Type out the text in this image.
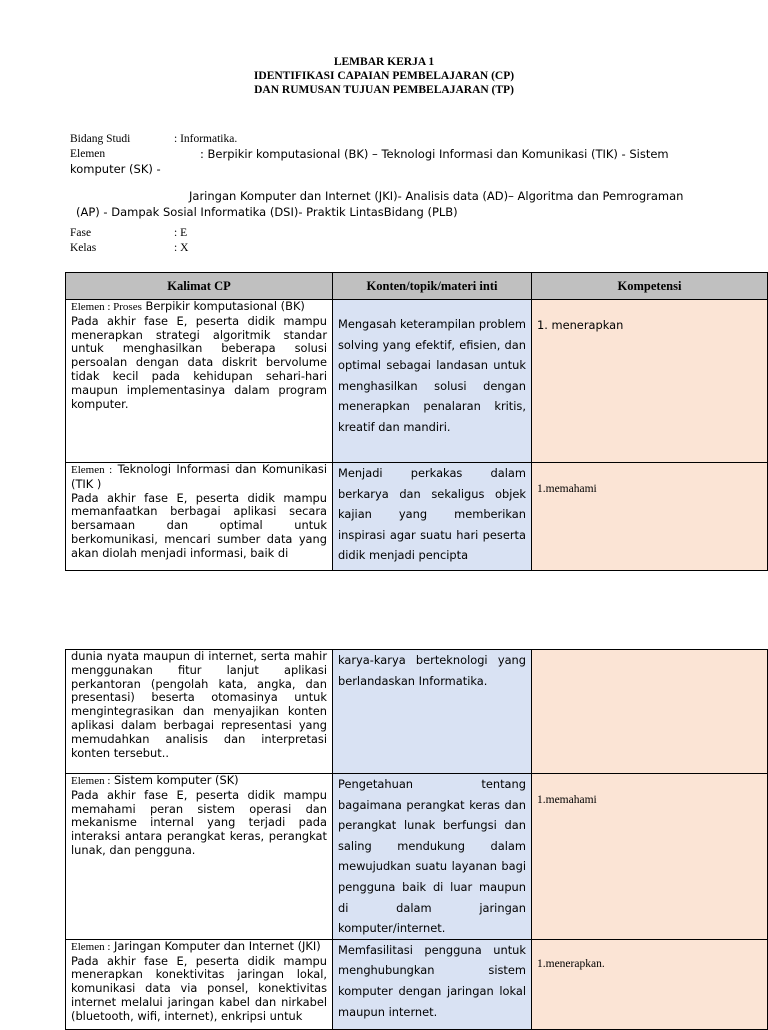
LEMBAR KERJA 1
IDENTIFIKASI CAPAIAN PEMBELAJARAN (CP)
DAN RUMUSAN TUJUAN PEMBELAJARAN (TP)
Bidang Studi	: Informatika.
Elemen	: Berpikir komputasional (BK) – Teknologi Informasi dan Komunikasi (TIK) - Sistem
komputer (SK) -
Jaringan Komputer dan Internet (JKI)- Analisis data (AD)– Algoritma dan Pemrograman
(AP) - Dampak Sosial Informatika (DSI)- Praktik LintasBidang (PLB)
Fase	: E
Kelas	: X
Kalimat CP	Konten/topik/materi inti	Kompetensi
Elemen : Proses Berpikir komputasional (BK)
Pada akhir fase E, peserta didik mampu menerapkan strategi algoritmik standar untuk menghasilkan beberapa solusi persoalan dengan data diskrit bervolume tidak kecil pada kehidupan sehari-hari maupun implementasinya dalam program komputer.	Mengasah keterampilan problem solving yang efektif, efisien, dan optimal sebagai landasan untuk menghasilkan solusi dengan menerapkan penalaran kritis, kreatif dan mandiri.	1. menerapkan

Elemen : Teknologi Informasi dan Komunikasi (TIK )
Pada akhir fase E, peserta didik mampu memanfaatkan berbagai aplikasi secara bersamaan dan optimal untuk berkomunikasi, mencari sumber data yang akan diolah menjadi informasi, baik di	Menjadi perkakas dalam berkarya dan sekaligus objek kajian yang memberikan inspirasi agar suatu hari peserta didik menjadi pencipta	1.memahami
dunia nyata maupun di internet, serta mahir menggunakan fitur lanjut aplikasi perkantoran (pengolah kata, angka, dan presentasi) beserta otomasinya untuk mengintegrasikan dan menyajikan konten aplikasi dalam berbagai representasi yang memudahkan analisis dan interpretasi konten tersebut..	karya-karya berteknologi yang berlandaskan Informatika.	

Elemen : Sistem komputer (SK)
Pada akhir fase E, peserta didik mampu memahami peran sistem operasi dan mekanisme internal yang terjadi pada interaksi antara perangkat keras, perangkat lunak, dan pengguna.	Pengetahuan tentang bagaimana perangkat keras dan perangkat lunak berfungsi dan saling mendukung dalam mewujudkan suatu layanan bagi pengguna baik di luar maupun di dalam jaringan komputer/internet.	1.memahami

Elemen : Jaringan Komputer dan Internet (JKI)
Pada akhir fase E, peserta didik mampu menerapkan konektivitas jaringan lokal, komunikasi data via ponsel, konektivitas internet melalui jaringan kabel dan nirkabel (bluetooth, wifi, internet), enkripsi untuk	Memfasilitasi pengguna untuk menghubungkan sistem komputer dengan jaringan lokal maupun internet.	1.menerapkan.
